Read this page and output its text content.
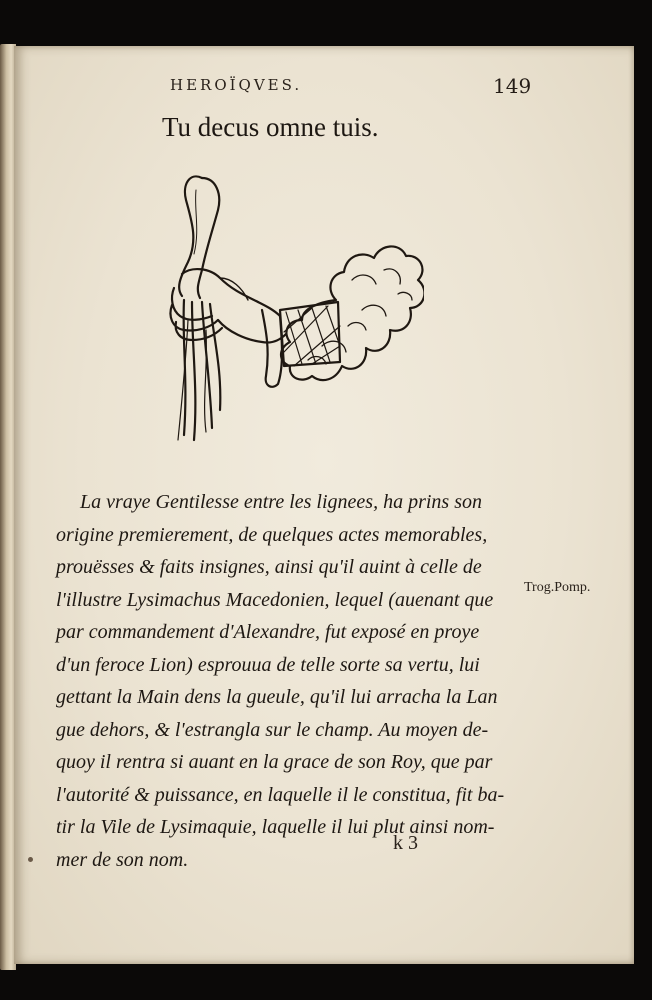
HEROÏQVES.	149
Tu decus omne tuis.
La vraye Gentilesse entre les lignees, ha prins son
origine premierement, de quelques actes memorables,
prouësses & faits insignes, ainsi qu'il auint à celle de
l'illustre Lysimachus Macedonien, lequel (auenant que
par commandement d'Alexandre, fut exposé en proye
d'un feroce Lion) esprouua de telle sorte sa vertu, lui
gettant la Main dens la gueule, qu'il lui arracha la Lan
gue dehors, & l'estrangla sur le champ. Au moyen de-
quoy il rentra si auant en la grace de son Roy, que par
l'autorité & puissance, en laquelle il le constitua, fit ba-
tir la Vile de Lysimaquie, laquelle il lui plut ainsi nom-
mer de son nom.
Trog.Pomp.
k 3
